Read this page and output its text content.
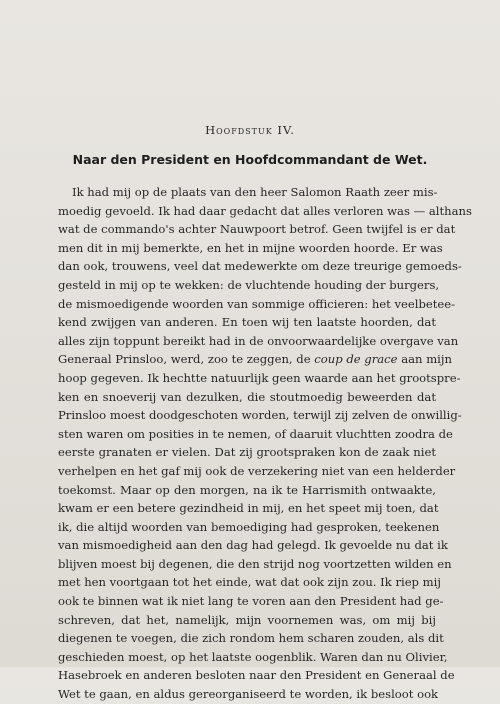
Hoofdstuk IV.
Naar den President en Hoofdcommandant de Wet.
Ik had mij op de plaats van den heer Salomon Raath zeer mis-
moedig gevoeld. Ik had daar gedacht dat alles verloren was — althans
wat de commando's achter Nauwpoort betrof. Geen twijfel is er dat
men dit in mij bemerkte, en het in mijne woorden hoorde. Er was
dan ook, trouwens, veel dat medewerkte om deze treurige gemoeds-
gesteld in mij op te wekken: de vluchtende houding der burgers,
de mismoedigende woorden van sommige officieren: het veelbetee-
kend zwijgen van anderen. En toen wij ten laatste hoorden, dat
alles zijn toppunt bereikt had in de onvoorwaardelijke overgave van
Generaal Prinsloo, werd, zoo te zeggen, de coup de grace aan mijn
hoop gegeven. Ik hechtte natuurlijk geen waarde aan het grootspre-
ken en snoeverij van dezulken, die stoutmoedig beweerden dat
Prinsloo moest doodgeschoten worden, terwijl zij zelven de onwillig-
sten waren om posities in te nemen, of daaruit vluchtten zoodra de
eerste granaten er vielen. Dat zij grootspraken kon de zaak niet
verhelpen en het gaf mij ook de verzekering niet van een helderder
toekomst. Maar op den morgen, na ik te Harrismith ontwaakte,
kwam er een betere gezindheid in mij, en het speet mij toen, dat
ik, die altijd woorden van bemoediging had gesproken, teekenen
van mismoedigheid aan den dag had gelegd. Ik gevoelde nu dat ik
blijven moest bij degenen, die den strijd nog voortzetten wilden en
met hen voortgaan tot het einde, wat dat ook zijn zou. Ik riep mij
ook te binnen wat ik niet lang te voren aan den President had ge-
schreven, dat het, namelijk, mijn voornemen was, om mij bij
diegenen te voegen, die zich rondom hem scharen zouden, als dit
geschieden moest, op het laatste oogenblik. Waren dan nu Olivier,
Hasebroek en anderen besloten naar den President en Generaal de
Wet te gaan, en aldus gereorganiseerd te worden, ik besloot ook
